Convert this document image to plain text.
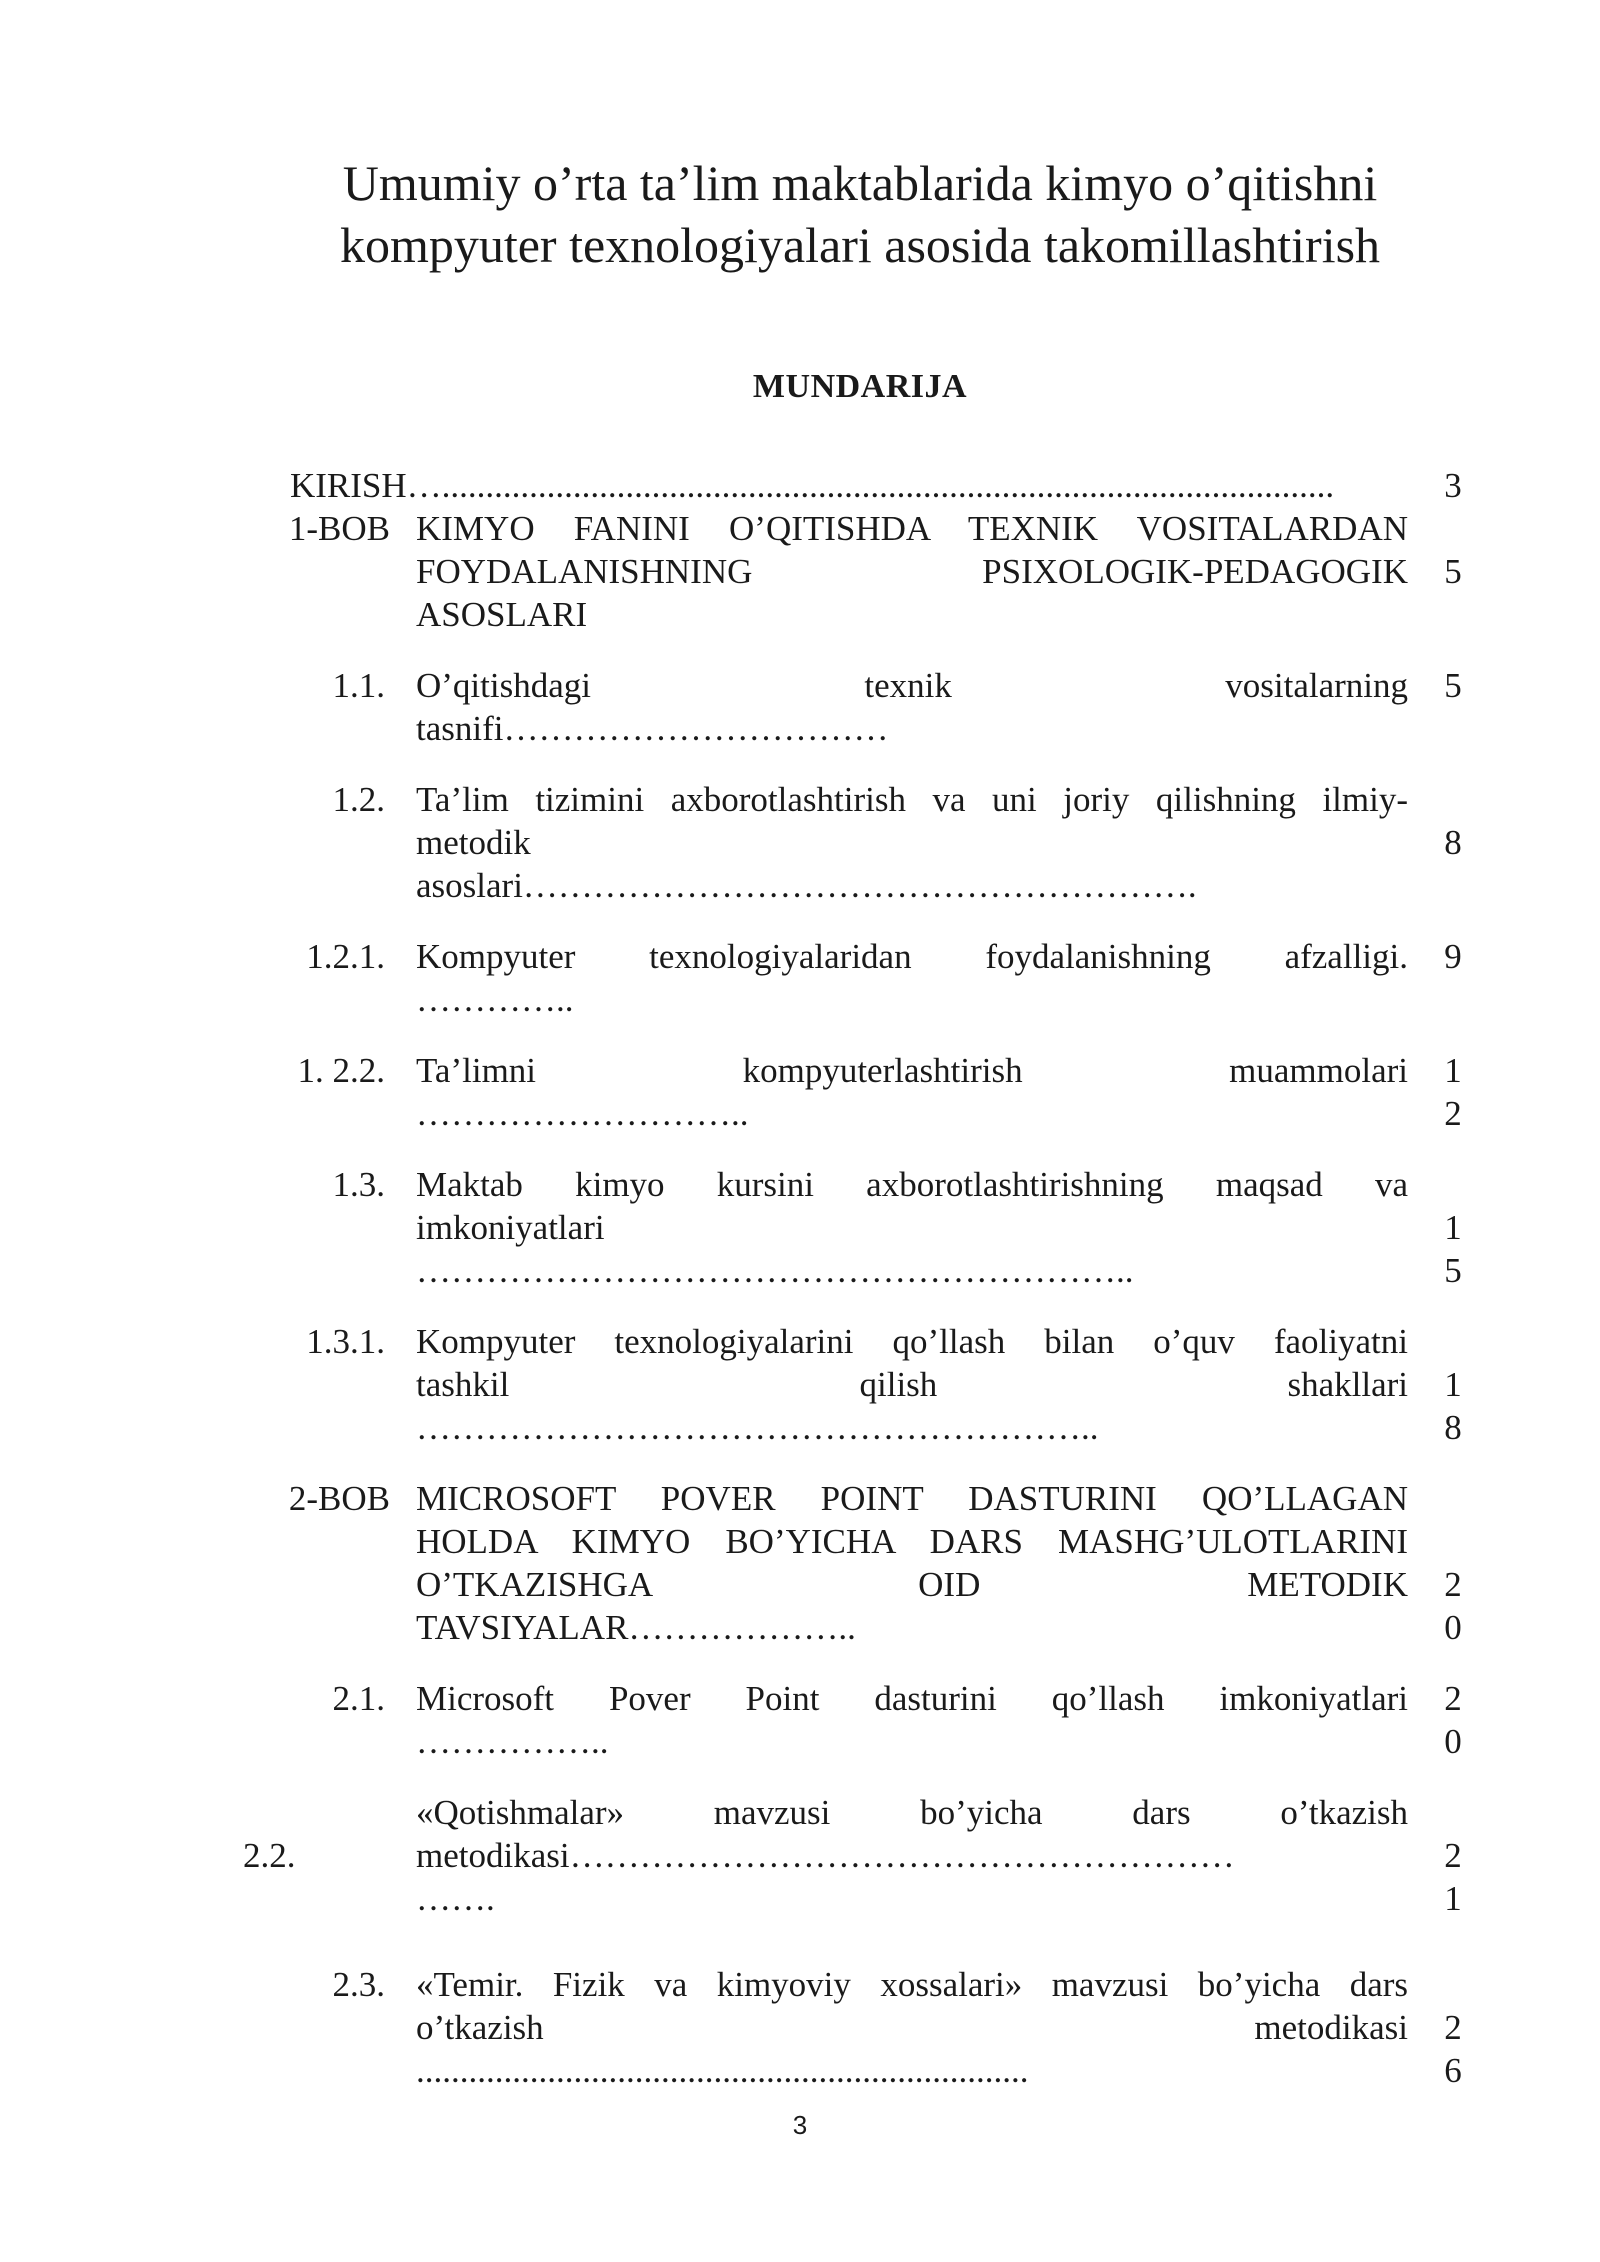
Umumiy o’rta ta’lim maktablarida kimyo o’qitishni
kompyuter texnologiyalari asosida takomillashtirish
MUNDARIJA
KIRISH…......................................................................................................	3
1-BOB KIMYO FANINI O’QITISHDA TEXNIK VOSITALARDAN
FOYDALANISHNING PSIXOLOGIK-PEDAGOGIK
ASOSLARI
5
1.1. O’qitishdagi texnik vositalarning
tasnifi……………………………
5
1.2. Ta’lim tizimini axborotlashtirish va uni joriy qilishning ilmiy-
metodik
asoslari………………………………………………….
8
1.2.1. Kompyuter texnologiyalaridan foydalanishning afzalligi.
…………..
9
1. 2.2. Ta’limni kompyuterlashtirish muammolari
………………………..
1
2
1.3. Maktab kimyo kursini axborotlashtirishning maqsad va
imkoniyatlari
……………………………………………………..
1
5
1.3.1. Kompyuter texnologiyalarini qo’llash bilan o’quv faoliyatni
tashkil qilish shakllari
…………………………………………………..
1
8
2-BOB MICROSOFT POVER POINT DASTURINI QO’LLAGAN
HOLDA KIMYO BO’YICHA DARS MASHG’ULOTLARINI
O’TKAZISHGA OID METODIK
TAVSIYALAR………………..
2
0
2.1. Microsoft Pover Point dasturini qo’llash imkoniyatlari
……………..
2
0
2.2.
«Qotishmalar» mavzusi bo’yicha dars o’tkazish
metodikasi…………………………………………………
…….
2
1
2.3. «Temir. Fizik va kimyoviy xossalari» mavzusi bo’yicha dars
o’tkazish metodikasi
......................................................................
2
6
3
